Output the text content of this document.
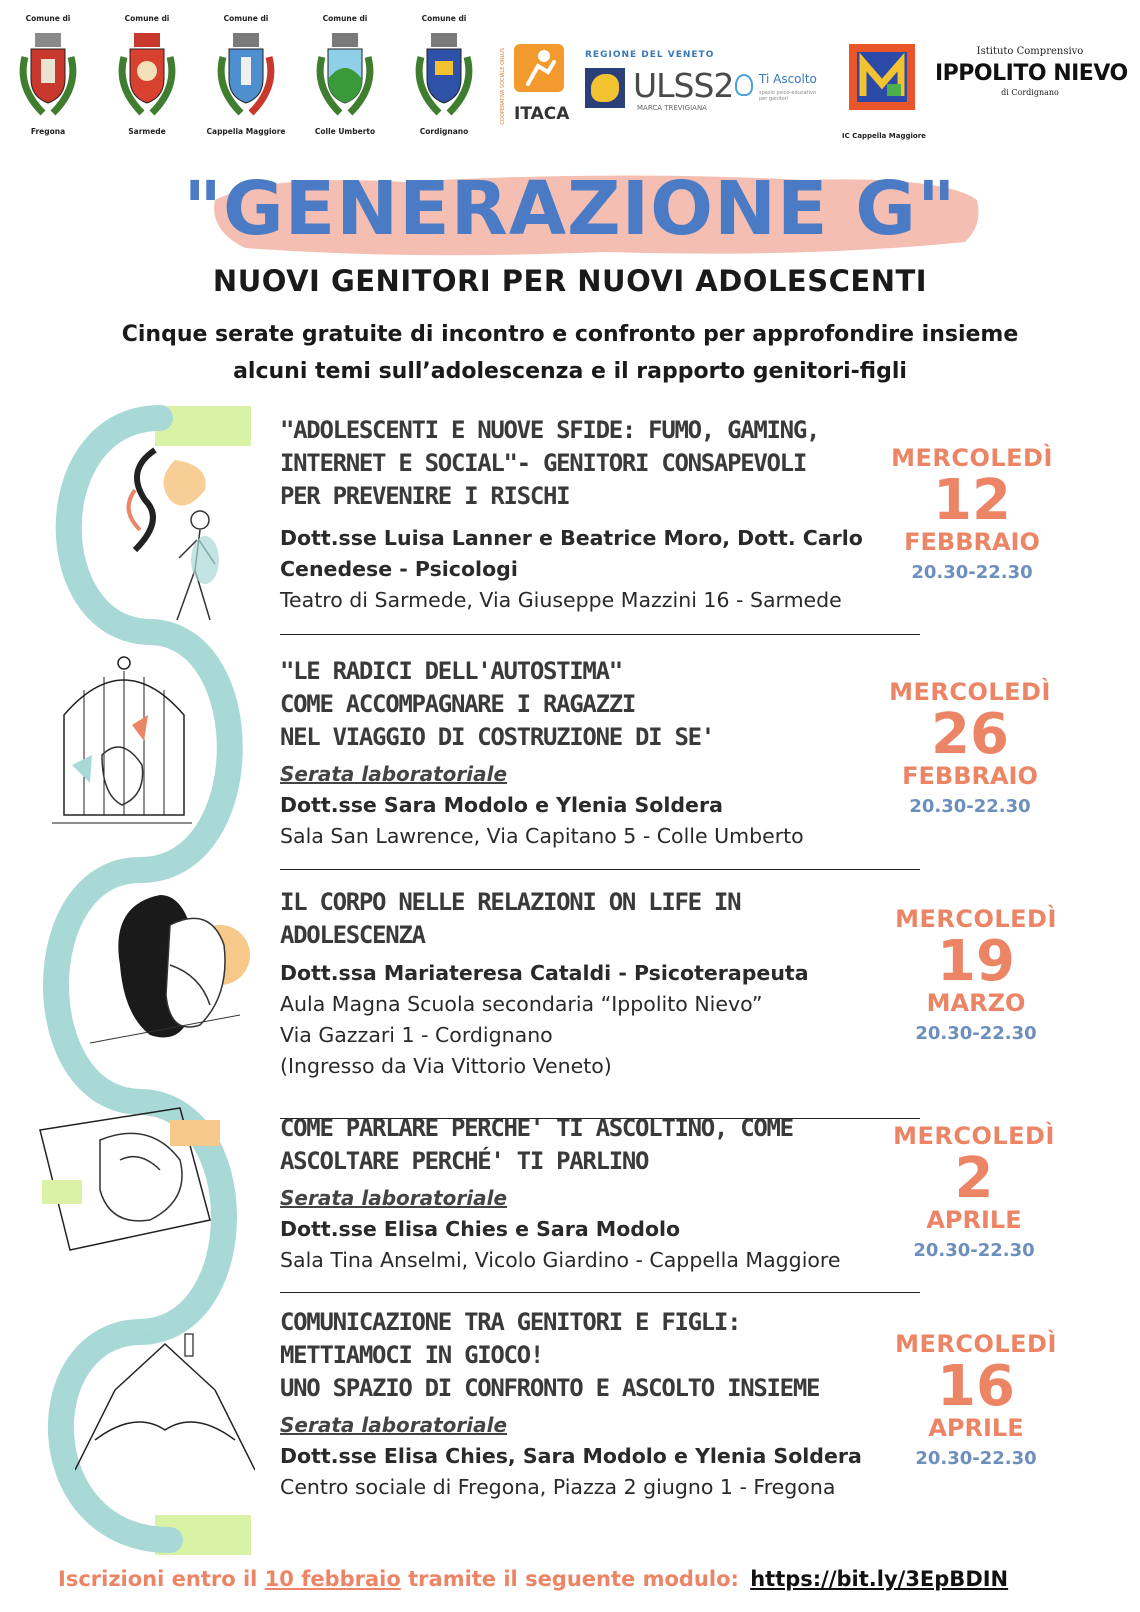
Comune di
Fregona
Comune di
Sarmede
Comune di
Cappella Maggiore
Comune di
Colle Umberto
Comune di
Cordignano
COOPERATIVA SOCIALE ONLUS ITACA
REGIONE DEL VENETO
ULSS2
MARCA TREVIGIANA
Ti Ascolto
spazio psico-educativo per genitori
IC Cappella Maggiore
Istituto Comprensivo
IPPOLITO NIEVO
di Cordignano
"GENERAZIONE G"
NUOVI GENITORI PER NUOVI ADOLESCENTI
Cinque serate gratuite di incontro e confronto per approfondire insieme
alcuni temi sull’adolescenza e il rapporto genitori-figli
"ADOLESCENTI E NUOVE SFIDE: FUMO, GAMING,
INTERNET E SOCIAL"- GENITORI CONSAPEVOLI
PER PREVENIRE I RISCHI
Dott.sse Luisa Lanner e Beatrice Moro, Dott. Carlo
Cenedese - Psicologi
Teatro di Sarmede, Via Giuseppe Mazzini 16 - Sarmede
MERCOLEDÌ
12
FEBBRAIO
20.30-22.30
"LE RADICI DELL'AUTOSTIMA"
COME ACCOMPAGNARE I RAGAZZI
NEL VIAGGIO DI COSTRUZIONE DI SE'
Serata laboratoriale
Dott.sse Sara Modolo e Ylenia Soldera
Sala San Lawrence, Via Capitano 5 - Colle Umberto
MERCOLEDÌ
26
FEBBRAIO
20.30-22.30
IL CORPO NELLE RELAZIONI ON LIFE IN
ADOLESCENZA
Dott.ssa Mariateresa Cataldi - Psicoterapeuta
Aula Magna Scuola secondaria “Ippolito Nievo”
Via Gazzari 1 - Cordignano
(Ingresso da Via Vittorio Veneto)
MERCOLEDÌ
19
MARZO
20.30-22.30
COME PARLARE PERCHE' TI ASCOLTINO, COME
ASCOLTARE PERCHÉ' TI PARLINO
Serata laboratoriale
Dott.sse Elisa Chies e Sara Modolo
Sala Tina Anselmi, Vicolo Giardino - Cappella Maggiore
MERCOLEDÌ
2
APRILE
20.30-22.30
COMUNICAZIONE TRA GENITORI E FIGLI:
METTIAMOCI IN GIOCO!
UNO SPAZIO DI CONFRONTO E ASCOLTO INSIEME
Serata laboratoriale
Dott.sse Elisa Chies, Sara Modolo e Ylenia Soldera
Centro sociale di Fregona, Piazza 2 giugno 1 - Fregona
MERCOLEDÌ
16
APRILE
20.30-22.30
Iscrizioni entro il 10 febbraio tramite il seguente modulo: https://bit.ly/3EpBDIN
